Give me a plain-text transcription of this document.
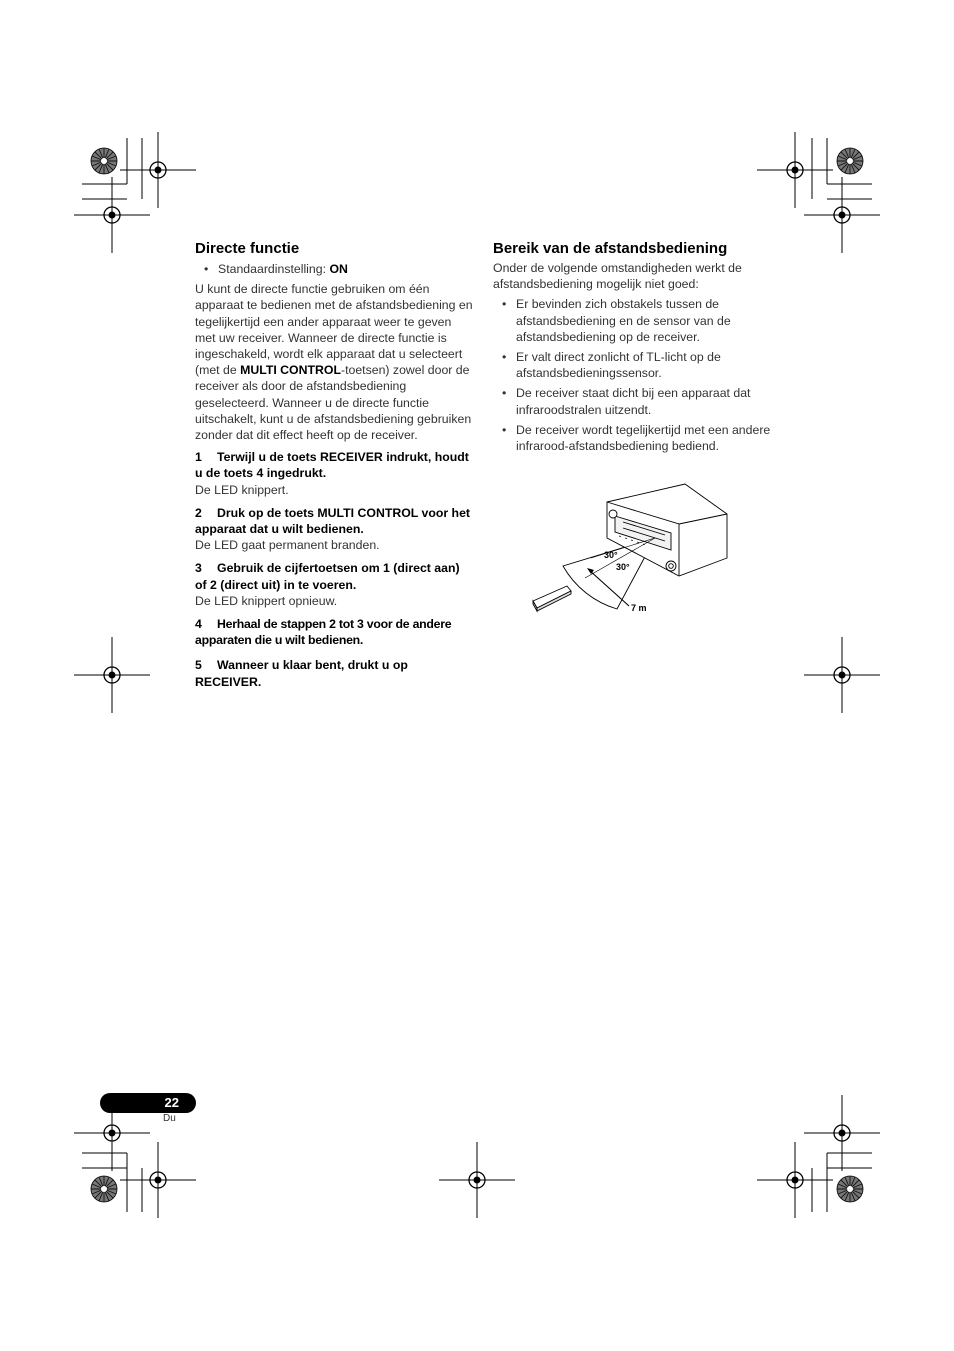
Directe functie
• Standaardinstelling: ON
U kunt de directe functie gebruiken om één apparaat te bedienen met de afstandsbediening en tegelijkertijd een ander apparaat weer te geven met uw receiver. Wanneer de directe functie is ingeschakeld, wordt elk apparaat dat u selecteert (met de MULTI CONTROL-toetsen) zowel door de receiver als door de afstandsbediening geselecteerd. Wanneer u de directe functie uitschakelt, kunt u de afstandsbediening gebruiken zonder dat dit effect heeft op de receiver.
1 Terwijl u de toets RECEIVER indrukt, houdt u de toets 4 ingedrukt.
De LED knippert.
2 Druk op de toets MULTI CONTROL voor het apparaat dat u wilt bedienen.
De LED gaat permanent branden.
3 Gebruik de cijfertoetsen om 1 (direct aan) of 2 (direct uit) in te voeren.
De LED knippert opnieuw.
4 Herhaal de stappen 2 tot 3 voor de andere apparaten die u wilt bedienen.
5 Wanneer u klaar bent, drukt u op RECEIVER.
Bereik van de afstandsbediening
Onder de volgende omstandigheden werkt de afstandsbediening mogelijk niet goed:
• Er bevinden zich obstakels tussen de afstandsbediening en de sensor van de afstandsbediening op de receiver.
• Er valt direct zonlicht of TL-licht op de afstandsbedieningssensor.
• De receiver staat dicht bij een apparaat dat infraroodstralen uitzendt.
• De receiver wordt tegelijkertijd met een andere infrarood-afstandsbediening bediend.
30°
30°
7 m
22
Du
